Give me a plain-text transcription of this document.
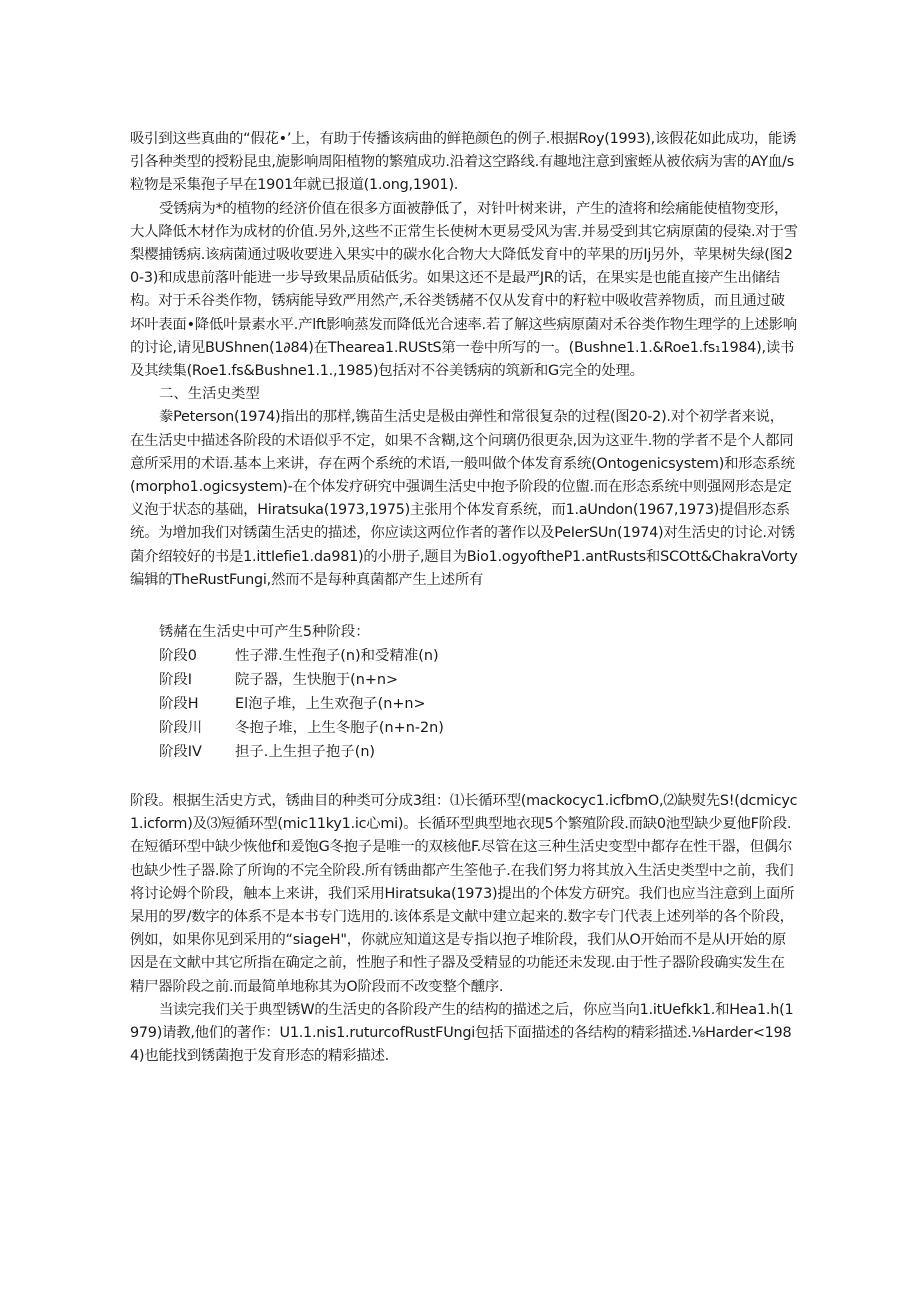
吸引到这些真曲的“假花•’上，有助于传播该病曲的鲜艳颜色的例子.根据Roy(1993),该假花如此成功，能诱引各种类型的授粉昆虫,旎影响周阳植物的繁殖成功.沿着这空路线.有趣地注意到蜜蛭从被依病为害的AY血/s粒物是采集孢子早在1901年就已报道(1.ong,1901).

受锈病为*的植物的经济价值在很多方面被静低了，对针叶树来讲，产生的渣将和绘痛能使植物变形，大人降低木材作为成材的价值.另外,这些不正常生长使树木更易受风为害.并易受到其它病原菌的侵染.对于雪梨樱捕锈病.该病菌通过吸收要进入果实中的碳水化合物大大降低发育中的苹果的历Ij另外，苹果树失绿(图20-3)和成患前落叶能进一步导致果品质砧低劣。如果这还不是最严JR的话，在果实是也能直接产生出储结构。对于禾谷类作物，锈病能导致严用然产,禾谷类锈赭不仅从发育中的籽粒中吸收营养物质，而且通过破坏叶表面•降低叶景素水平.产lft影响蒸发而降低光合速率.若了解这些病原菌对禾谷类作物生理学的上述影响的讨论,请见BUShnen(1∂84)在Thearea1.RUStS第一卷中所写的一。(Bushne1.1.&Roe1.fs₁1984),读书及其续集(Roe1.fs&Bushne1.1.,1985)包括对不谷美锈病的筑新和G完全的处理。

二、生活史类型

豢Peterson(1974)指出的那样,镌苗生活史是极由弹性和常很复杂的过程(图20-2).对个初学者来说，在生活史中描述各阶段的术语似乎不定，如果不含糊,这个问璃仍很更杂,因为这亚牛.物的学者不是个人都同意所采用的术语.基本上来讲，存在两个系统的术语,一般叫做个体发育系统(Ontogenicsystem)和形态系统(morpho1.ogicsystem)-在个体发疗研究中强调生活史中抱予阶段的位盥.而在形态系统中则强网形态是定义泡于状态的基础，Hiratsuka(1973,1975)主张用个体发育系统，而1.aUndon(1967,1973)提倡形态系统。为增加我们对锈菌生活史的描述，你应读这两位作者的著作以及PeIerSUn(1974)对生活史的讨论.对锈菌介绍较好的书是1.ittIefie1.da981)的小册子,题目为Bio1.ogyoftheP1.antRusts和SCOtt&ChakraVorty编辑的TheRustFungi,然而不是每种真菌都产生上述所有

锈赭在生活史中可产生5种阶段：

阶段0	性子滞.生性孢子(n)和受精准(n)
阶段I	院子器，生快胞于(n+n>
阶段H	El泡子堆，上生欢孢子(n+n>
阶段川	冬抱子堆，上生冬胞子(n+n-2n)
阶段IV	担子.上生担子抱子(n)

阶段。根据生活史方式，锈曲目的种类可分成3组：⑴长循环型(mackocyc1.icfbmO,⑵缺熨先S!(dcmicyc1.icform)及⑶短循环型(mic11ky1.ic心mi)。长循环型典型地衣现5个繁殖阶段.而缺0池型缺少夏他F阶段.在短循环型中缺少恢他f和爰饱G冬抱子是唯一的双核他F.尽管在这三种生活史变型中都存在性干器，但偶尔也缺少性子器.除了所询的不完全阶段.所有锈曲都产生筌他子.在我们努力将其放入生活史类型中之前，我们将讨论姆个阶段，触本上来讲，我们采用Hiratsuka(1973)提出的个体发方研究。我们也应当注意到上面所杲用的罗/数字的体系不是本书专门选用的.该体系是文献中建立起来的.数字专门代表上述列举的各个阶段，例如，如果你见到采用的“siageH"，你就应知道这是专指以抱子堆阶段，我们从O开始而不是从I开始的原因是在文献中其它所指在确定之前，性胞子和性子器及受精显的功能还未发现.由于性子器阶段确实发生在精尸器阶段之前.而最简单地称其为O阶段而不改变整个醺序.

当读完我们关于典型锈W的生活史的各阶段产生的结构的描述之后，你应当向1.itUefkk1.和Hea1.h(1979)请教,他们的著作：U1.1.nis1.ruturcofRustFUngi包括下面描述的各结构的精彩描述.⅛Harder<1984)也能找到锈菌抱于发育形态的精彩描述.
